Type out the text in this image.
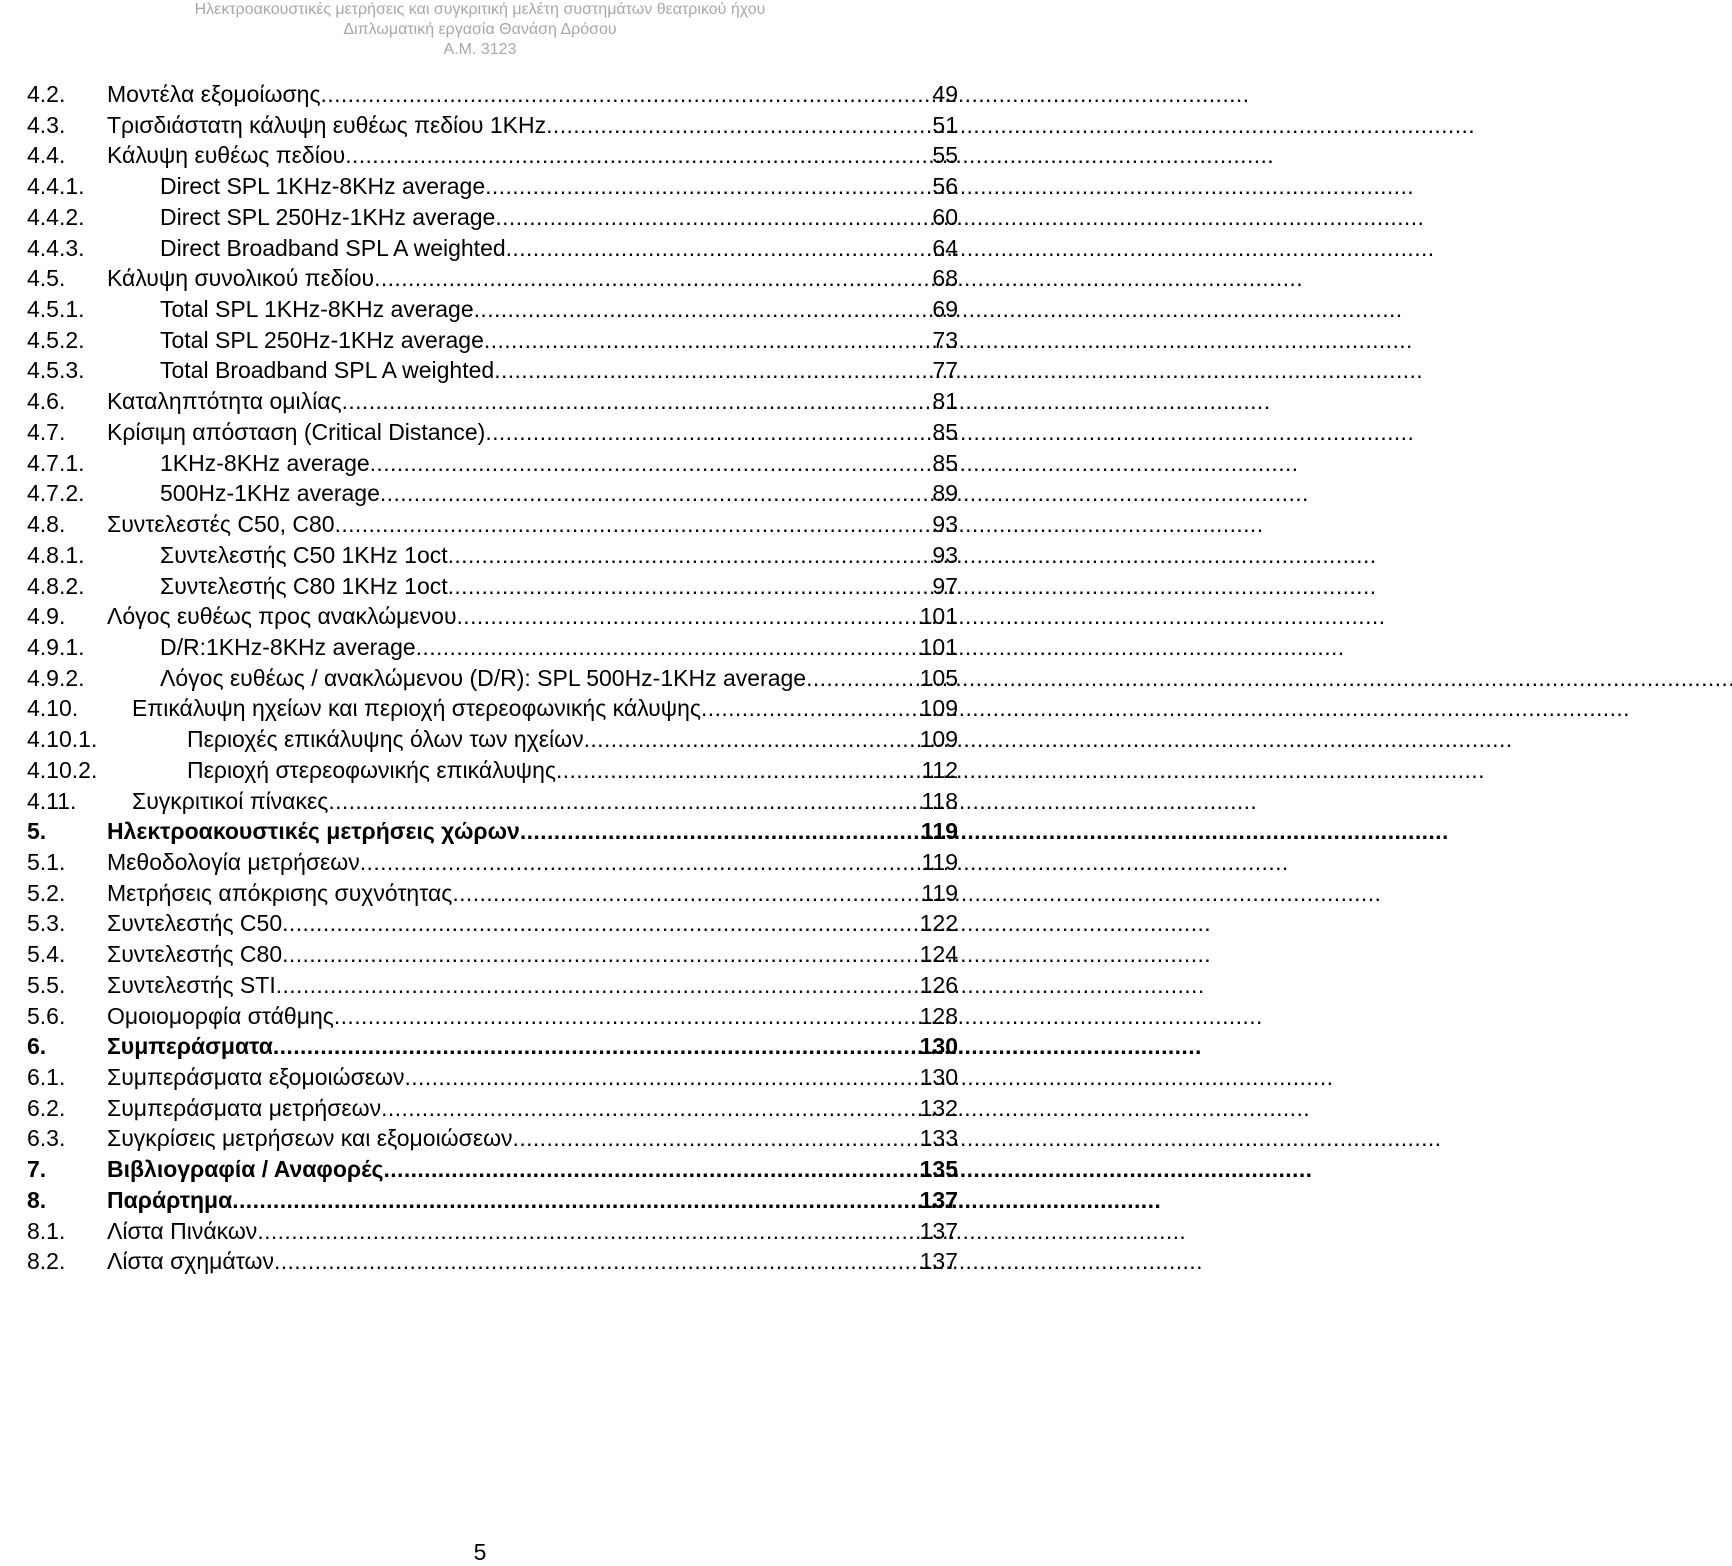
Ηλεκτροακουστικές μετρήσεις και συγκριτική μελέτη συστημάτων θεατρικού ήχου
Διπλωματική εργασία Θανάση Δρόσου
Α.Μ. 3123
4.2.	Μοντέλα εξομοίωσης . . .	49
4.3.	Τρισδιάστατη κάλυψη ευθέως πεδίου 1KHz . . .	51
4.4.	Κάλυψη ευθέως πεδίου . . .	55
4.4.1.	Direct SPL 1KHz-8KHz average . . .	56
4.4.2.	Direct SPL 250Hz-1KHz average . . .	60
4.4.3.	Direct Broadband SPL A weighted . . .	64
4.5.	Κάλυψη συνολικού πεδίου . . .	68
4.5.1.	Total SPL 1KHz-8KHz average . . .	69
4.5.2.	Total SPL 250Hz-1KHz average . . .	73
4.5.3.	Total Broadband SPL A weighted . . .	77
4.6.	Καταληπτότητα ομιλίας . . .	81
4.7.	Κρίσιμη απόσταση (Critical Distance) . . .	85
4.7.1.	1KHz-8KHz average . . .	85
4.7.2.	500Hz-1KHz average . . .	89
4.8.	Συντελεστές C50, C80 . . .	93
4.8.1.	Συντελεστής C50 1KHz 1oct . . .	93
4.8.2.	Συντελεστής C80 1KHz 1oct . . .	97
4.9.	Λόγος ευθέως προς ανακλώμενου . . .	101
4.9.1.	D/R:1KHz-8KHz average . . .	101
4.9.2.	Λόγος ευθέως / ανακλώμενου (D/R): SPL 500Hz-1KHz average . . .	105
4.10.	Επικάλυψη ηχείων και περιοχή στερεοφωνικής κάλυψης . . .	109
4.10.1.	Περιοχές επικάλυψης όλων των ηχείων . . .	109
4.10.2.	Περιοχή στερεοφωνικής επικάλυψης . . .	112
4.11.	Συγκριτικοί πίνακες . . .	118
5.	Ηλεκτροακουστικές μετρήσεις χώρων . . .	119
5.1.	Μεθοδολογία μετρήσεων . . .	119
5.2.	Μετρήσεις απόκρισης συχνότητας . . .	119
5.3.	Συντελεστής C50 . . .	122
5.4.	Συντελεστής C80 . . .	124
5.5.	Συντελεστής STI . . .	126
5.6.	Ομοιομορφία στάθμης . . .	128
6.	Συμπεράσματα . . .	130
6.1.	Συμπεράσματα εξομοιώσεων . . .	130
6.2.	Συμπεράσματα μετρήσεων . . .	132
6.3.	Συγκρίσεις μετρήσεων και εξομοιώσεων . . .	133
7.	Βιβλιογραφία / Αναφορές . . .	135
8.	Παράρτημα . . .	137
8.1.	Λίστα Πινάκων . . .	137
8.2.	Λίστα σχημάτων . . .	137
5
